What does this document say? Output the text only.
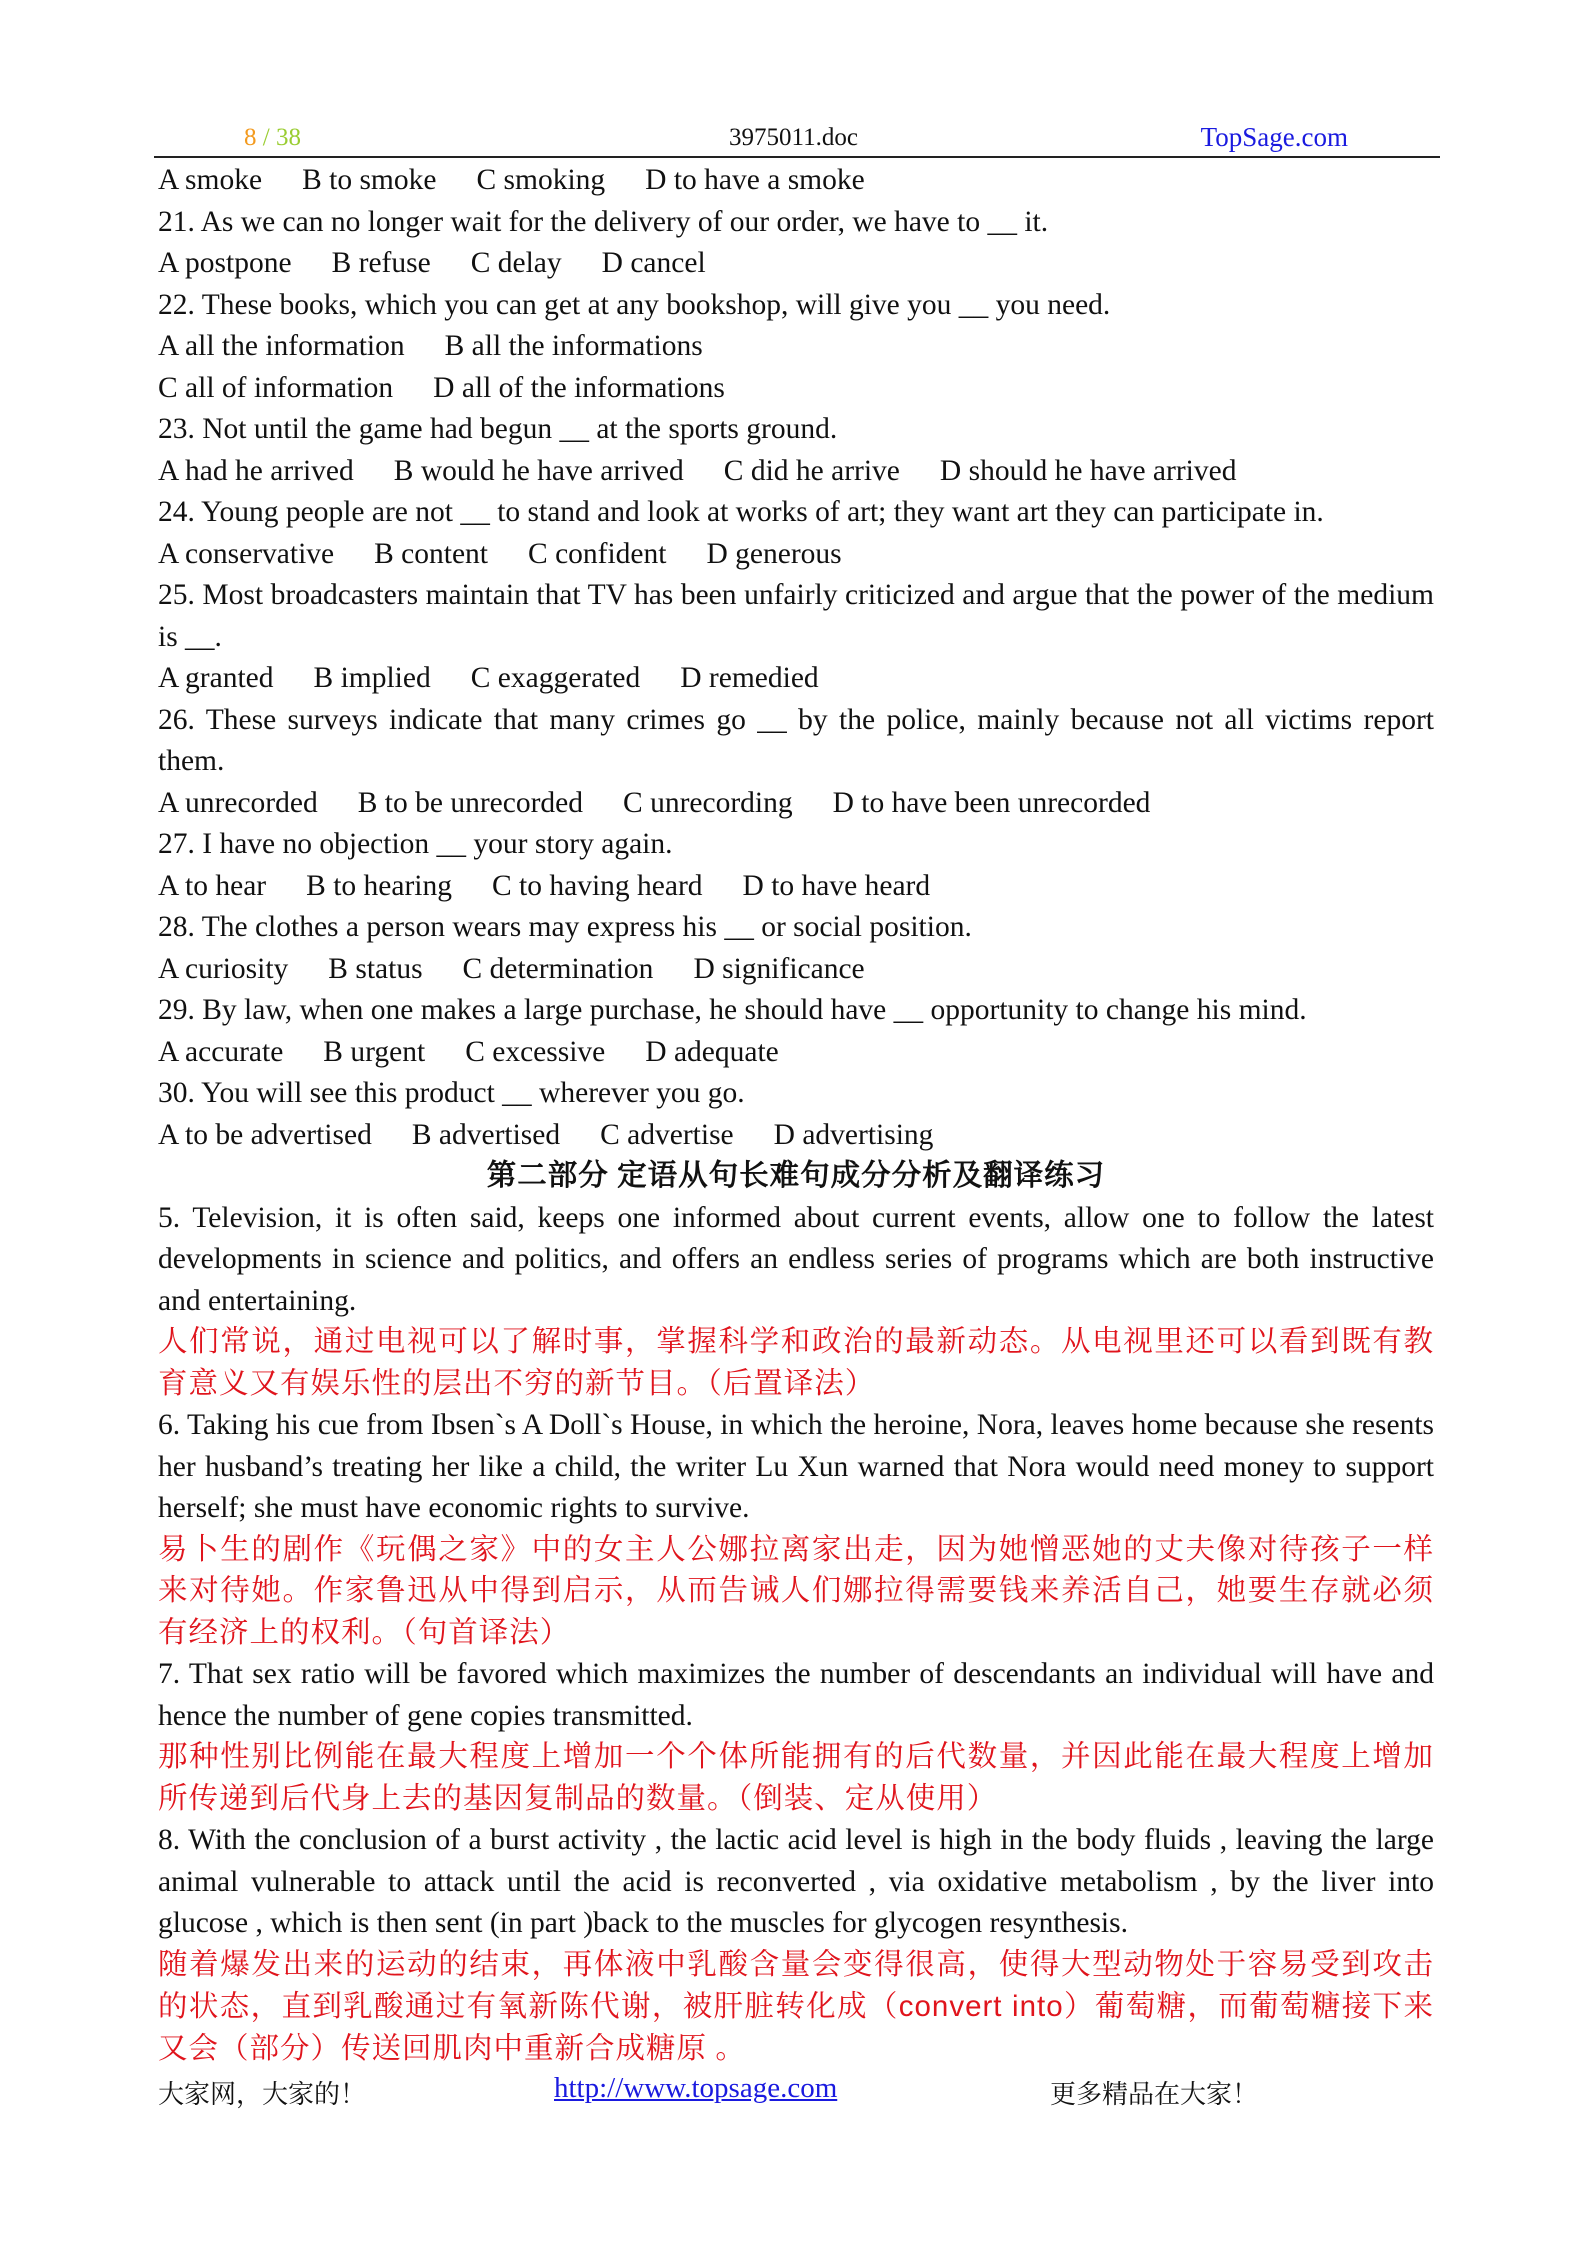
8 / 38	3975011.doc	TopSage.com
A smoke B to smoke C smoking D to have a smoke
21. As we can no longer wait for the delivery of our order, we have to __ it.
A postpone B refuse C delay D cancel
22. These books, which you can get at any bookshop, will give you __ you need.
A all the information B all the informations
C all of information D all of the informations
23. Not until the game had begun __ at the sports ground.
A had he arrived B would he have arrived C did he arrive D should he have arrived
24. Young people are not __ to stand and look at works of art; they want art they can participate in.
A conservative B content C confident D generous
25. Most broadcasters maintain that TV has been unfairly criticized and argue that the power of the medium is __.
A granted B implied C exaggerated D remedied
26. These surveys indicate that many crimes go __ by the police, mainly because not all victims report them.
A unrecorded B to be unrecorded C unrecording D to have been unrecorded
27. I have no objection __ your story again.
A to hear B to hearing C to having heard D to have heard
28. The clothes a person wears may express his __ or social position.
A curiosity B status C determination D significance
29. By law, when one makes a large purchase, he should have __ opportunity to change his mind.
A accurate B urgent C excessive D adequate
30. You will see this product __ wherever you go.
A to be advertised B advertised C advertise D advertising
第二部分 定语从句长难句成分分析及翻译练习
5. Television, it is often said, keeps one informed about current events, allow one to follow the latest developments in science and politics, and offers an endless series of programs which are both instructive and entertaining.
人们常说，通过电视可以了解时事，掌握科学和政治的最新动态。从电视里还可以看到既有教育意义又有娱乐性的层出不穷的新节目。（后置译法）
6. Taking his cue from Ibsen`s A Doll`s House, in which the heroine, Nora, leaves home because she resents her husband’s treating her like a child, the writer Lu Xun warned that Nora would need money to support herself; she must have economic rights to survive.
易卜生的剧作《玩偶之家》中的女主人公娜拉离家出走，因为她憎恶她的丈夫像对待孩子一样来对待她。作家鲁迅从中得到启示，从而告诫人们娜拉得需要钱来养活自己，她要生存就必须有经济上的权利。（句首译法）
7. That sex ratio will be favored which maximizes the number of descendants an individual will have and hence the number of gene copies transmitted.
那种性别比例能在最大程度上增加一个个体所能拥有的后代数量，并因此能在最大程度上增加所传递到后代身上去的基因复制品的数量。（倒装、定从使用）
8. With the conclusion of a burst activity , the lactic acid level is high in the body fluids , leaving the large animal vulnerable to attack until the acid is reconverted , via oxidative metabolism , by the liver into glucose , which is then sent (in part )back to the muscles for glycogen resynthesis.
随着爆发出来的运动的结束，再体液中乳酸含量会变得很高，使得大型动物处于容易受到攻击的状态，直到乳酸通过有氧新陈代谢，被肝脏转化成（convert into）葡萄糖，而葡萄糖接下来又会（部分）传送回肌肉中重新合成糖原 。
大家网，大家的！	http://www.topsage.com	更多精品在大家！
